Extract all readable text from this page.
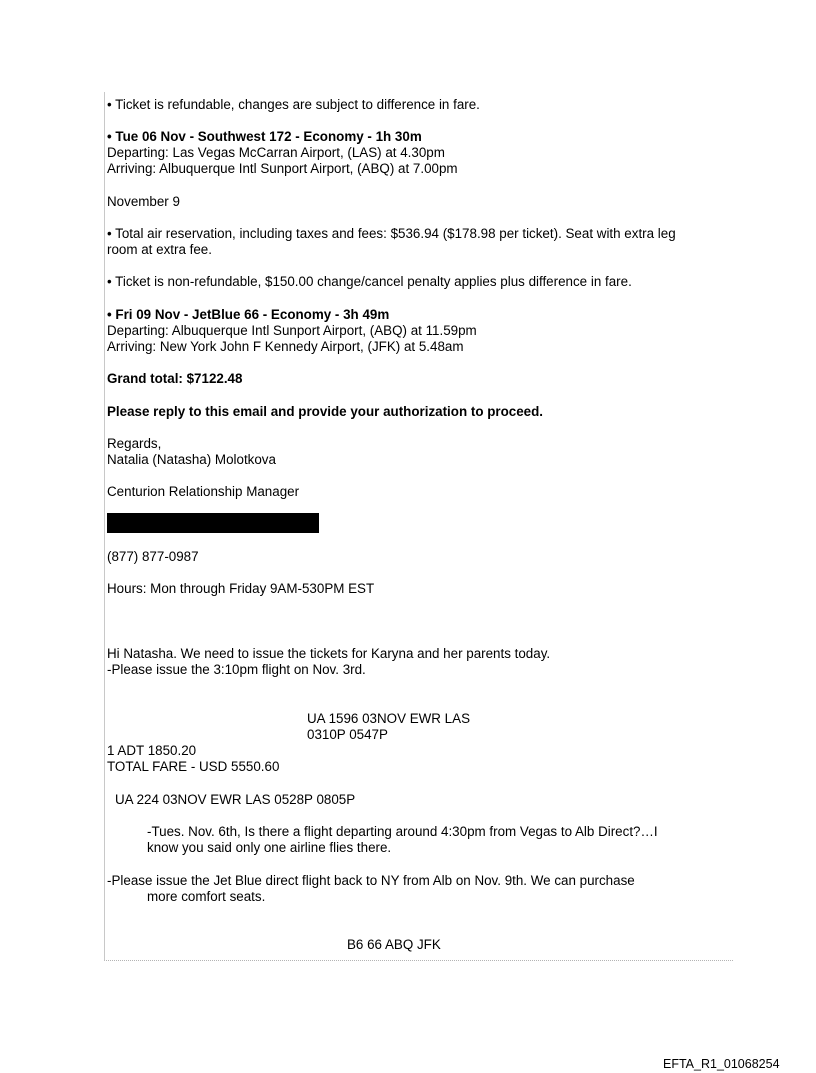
• Ticket is refundable, changes are subject to difference in fare.
• Tue 06 Nov - Southwest 172 - Economy - 1h 30m
Departing: Las Vegas McCarran Airport, (LAS) at 4.30pm
Arriving: Albuquerque Intl Sunport Airport, (ABQ) at 7.00pm
November 9
• Total air reservation, including taxes and fees: $536.94 ($178.98 per ticket). Seat with extra leg
room at extra fee.
• Ticket is non-refundable, $150.00 change/cancel penalty applies plus difference in fare.
• Fri 09 Nov - JetBlue 66 - Economy - 3h 49m
Departing: Albuquerque Intl Sunport Airport, (ABQ) at 11.59pm
Arriving: New York John F Kennedy Airport, (JFK) at 5.48am
Grand total: $7122.48
Please reply to this email and provide your authorization to proceed.
Regards,
Natalia (Natasha) Molotkova
Centurion Relationship Manager
(877) 877-0987
Hours: Mon through Friday 9AM-530PM EST
Hi Natasha. We need to issue the tickets for Karyna and her parents today.
-Please issue the 3:10pm flight on Nov. 3rd.
UA 1596 03NOV EWR LAS
0310P 0547P
1 ADT 1850.20
TOTAL FARE - USD 5550.60
UA 224 03NOV EWR LAS 0528P 0805P
-Tues. Nov. 6th, Is there a flight departing around 4:30pm from Vegas to Alb Direct?…I
know you said only one airline flies there.
-Please issue the Jet Blue direct flight back to NY from Alb on Nov. 9th. We can purchase
more comfort seats.
B6 66 ABQ JFK
EFTA_R1_01068254
